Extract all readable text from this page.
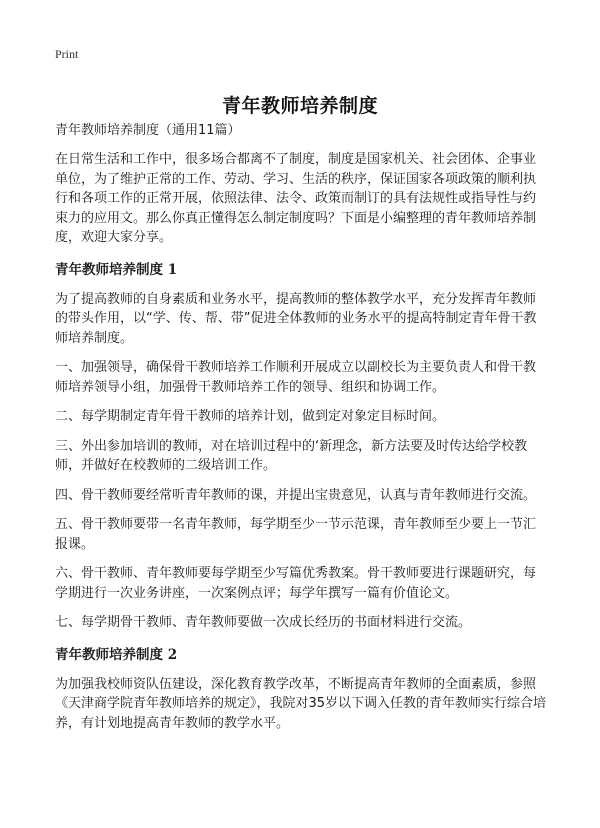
Print
青年教师培养制度
青年教师培养制度（通用11篇）

在日常生活和工作中，很多场合都离不了制度，制度是国家机关、社会团体、企事业单位，为了维护正常的工作、劳动、学习、生活的秩序，保证国家各项政策的顺利执行和各项工作的正常开展，依照法律、法令、政策而制订的具有法规性或指导性与约束力的应用文。那么你真正懂得怎么制定制度吗？下面是小编整理的青年教师培养制度，欢迎大家分享。

青年教师培养制度 1

为了提高教师的自身素质和业务水平，提高教师的整体教学水平，充分发挥青年教师的带头作用，以“学、传、帮、带”促进全体教师的业务水平的提高特制定青年骨干教师培养制度。

一、加强领导，确保骨干教师培养工作顺利开展成立以副校长为主要负责人和骨干教师培养领导小组，加强骨干教师培养工作的领导、组织和协调工作。

二、每学期制定青年骨干教师的培养计划，做到定对象定目标时间。

三、外出参加培训的教师，对在培训过程中的‘新理念，新方法要及时传达给学校教师，并做好在校教师的二级培训工作。

四、骨干教师要经常听青年教师的课，并提出宝贵意见，认真与青年教师进行交流。

五、骨干教师要带一名青年教师，每学期至少一节示范课，青年教师至少要上一节汇报课。

六、骨干教师、青年教师要每学期至少写篇优秀教案。骨干教师要进行课题研究，每学期进行一次业务讲座，一次案例点评；每学年撰写一篇有价值论文。

七、每学期骨干教师、青年教师要做一次成长经历的书面材料进行交流。

青年教师培养制度 2

为加强我校师资队伍建设，深化教育教学改革，不断提高青年教师的全面素质，参照《天津商学院青年教师培养的规定》，我院对35岁以下调入任教的青年教师实行综合培养，有计划地提高青年教师的教学水平。
